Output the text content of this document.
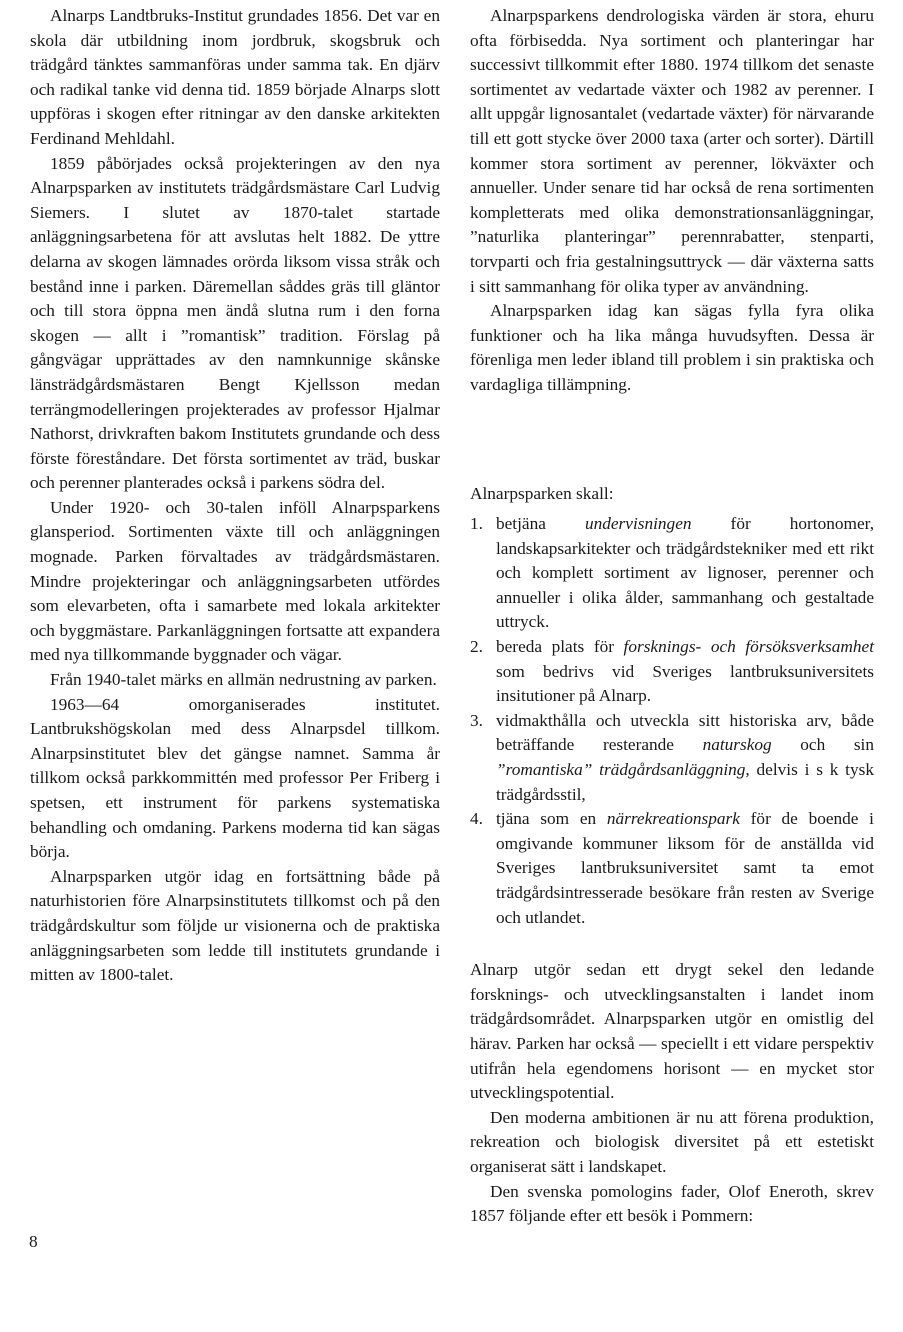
Alnarps Landtbruks-Institut grundades 1856. Det var en skola där utbildning inom jordbruk, skogsbruk och trädgård tänktes sammanföras under samma tak. En djärv och radikal tanke vid denna tid. 1859 började Alnarps slott uppföras i skogen efter ritningar av den danske arkitekten Ferdinand Mehldahl.

1859 påbörjades också projekteringen av den nya Alnarpsparken av institutets trädgårdsmästare Carl Ludvig Siemers. I slutet av 1870-talet startade anläggningsarbetena för att avslutas helt 1882. De yttre delarna av skogen lämnades orörda liksom vissa stråk och bestånd inne i parken. Däremellan såddes gräs till gläntor och till stora öppna men ändå slutna rum i den forna skogen — allt i ”romantisk” tradition. Förslag på gångvägar upprättades av den namnkunnige skånske länsträdgårdsmästaren Bengt Kjellsson medan terrängmodelleringen projekterades av professor Hjalmar Nathorst, drivkraften bakom Institutets grundande och dess förste föreståndare. Det första sortimentet av träd, buskar och perenner planterades också i parkens södra del.

Under 1920- och 30-talen inföll Alnarpsparkens glansperiod. Sortimenten växte till och anläggningen mognade. Parken förvaltades av trädgårdsmästaren. Mindre projekteringar och anläggningsarbeten utfördes som elevarbeten, ofta i samarbete med lokala arkitekter och byggmästare. Parkanläggningen fortsatte att expandera med nya tillkommande byggnader och vägar.

Från 1940-talet märks en allmän nedrustning av parken.

1963—64 omorganiserades institutet. Lantbrukshögskolan med dess Alnarpsdel tillkom. Alnarpsinstitutet blev det gängse namnet. Samma år tillkom också parkkommittén med professor Per Friberg i spetsen, ett instrument för parkens systematiska behandling och omdaning. Parkens moderna tid kan sägas börja.

Alnarpsparken utgör idag en fortsättning både på naturhistorien före Alnarpsinstitutets tillkomst och på den trädgårdskultur som följde ur visionerna och de praktiska anläggningsarbeten som ledde till institutets grundande i mitten av 1800-talet.

Alnarpsparkens dendrologiska värden är stora, ehuru ofta förbisedda. Nya sortiment och planteringar har successivt tillkommit efter 1880. 1974 tillkom det senaste sortimentet av vedartade växter och 1982 av perenner. I allt uppgår lignosantalet (vedartade växter) för närvarande till ett gott stycke över 2000 taxa (arter och sorter). Därtill kommer stora sortiment av perenner, lökväxter och annueller. Under senare tid har också de rena sortimenten kompletterats med olika demonstrationsanläggningar, ”naturlika planteringar” perennrabatter, stenparti, torvparti och fria gestalningsuttryck — där växterna satts i sitt sammanhang för olika typer av användning.

Alnarpsparken idag kan sägas fylla fyra olika funktioner och ha lika många huvudsyften. Dessa är förenliga men leder ibland till problem i sin praktiska och vardagliga tillämpning.

Alnarpsparken skall:

1. betjäna undervisningen för hortonomer, landskapsarkitekter och trädgårdstekniker med ett rikt och komplett sortiment av lignoser, perenner och annueller i olika ålder, sammanhang och gestaltade uttryck.
2. bereda plats för forsknings- och försöksverksamhet som bedrivs vid Sveriges lantbruksuniversitets insitutioner på Alnarp.
3. vidmakthålla och utveckla sitt historiska arv, både beträffande resterande naturskog och sin ”romantiska” trädgårdsanläggning, delvis i s k tysk trädgårdsstil,
4. tjäna som en närrekreationspark för de boende i omgivande kommuner liksom för de anställda vid Sveriges lantbruksuniversitet samt ta emot trädgårdsintresserade besökare från resten av Sverige och utlandet.

Alnarp utgör sedan ett drygt sekel den ledande forsknings- och utvecklingsanstalten i landet inom trädgårdsområdet. Alnarpsparken utgör en omistlig del härav. Parken har också — speciellt i ett vidare perspektiv utifrån hela egendomens horisont — en mycket stor utvecklingspotential.

Den moderna ambitionen är nu att förena produktion, rekreation och biologisk diversitet på ett estetiskt organiserat sätt i landskapet.

Den svenska pomologins fader, Olof Eneroth, skrev 1857 följande efter ett besök i Pommern:

8
